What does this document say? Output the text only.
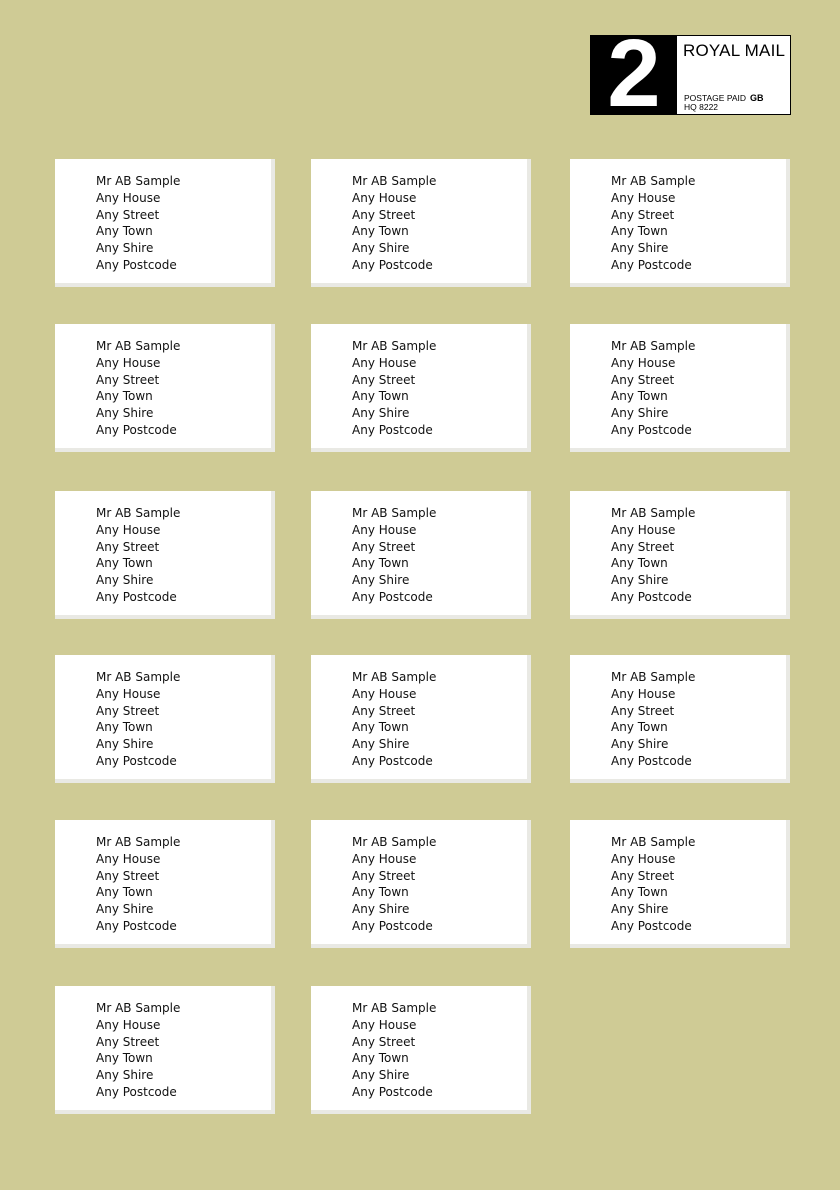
2	ROYAL MAIL
POSTAGE PAID GB
HQ 8222
Mr AB Sample
Any House
Any Street
Any Town
Any Shire
Any Postcode
Mr AB Sample
Any House
Any Street
Any Town
Any Shire
Any Postcode
Mr AB Sample
Any House
Any Street
Any Town
Any Shire
Any Postcode
Mr AB Sample
Any House
Any Street
Any Town
Any Shire
Any Postcode
Mr AB Sample
Any House
Any Street
Any Town
Any Shire
Any Postcode
Mr AB Sample
Any House
Any Street
Any Town
Any Shire
Any Postcode
Mr AB Sample
Any House
Any Street
Any Town
Any Shire
Any Postcode
Mr AB Sample
Any House
Any Street
Any Town
Any Shire
Any Postcode
Mr AB Sample
Any House
Any Street
Any Town
Any Shire
Any Postcode
Mr AB Sample
Any House
Any Street
Any Town
Any Shire
Any Postcode
Mr AB Sample
Any House
Any Street
Any Town
Any Shire
Any Postcode
Mr AB Sample
Any House
Any Street
Any Town
Any Shire
Any Postcode
Mr AB Sample
Any House
Any Street
Any Town
Any Shire
Any Postcode
Mr AB Sample
Any House
Any Street
Any Town
Any Shire
Any Postcode
Mr AB Sample
Any House
Any Street
Any Town
Any Shire
Any Postcode
Mr AB Sample
Any House
Any Street
Any Town
Any Shire
Any Postcode
Mr AB Sample
Any House
Any Street
Any Town
Any Shire
Any Postcode
